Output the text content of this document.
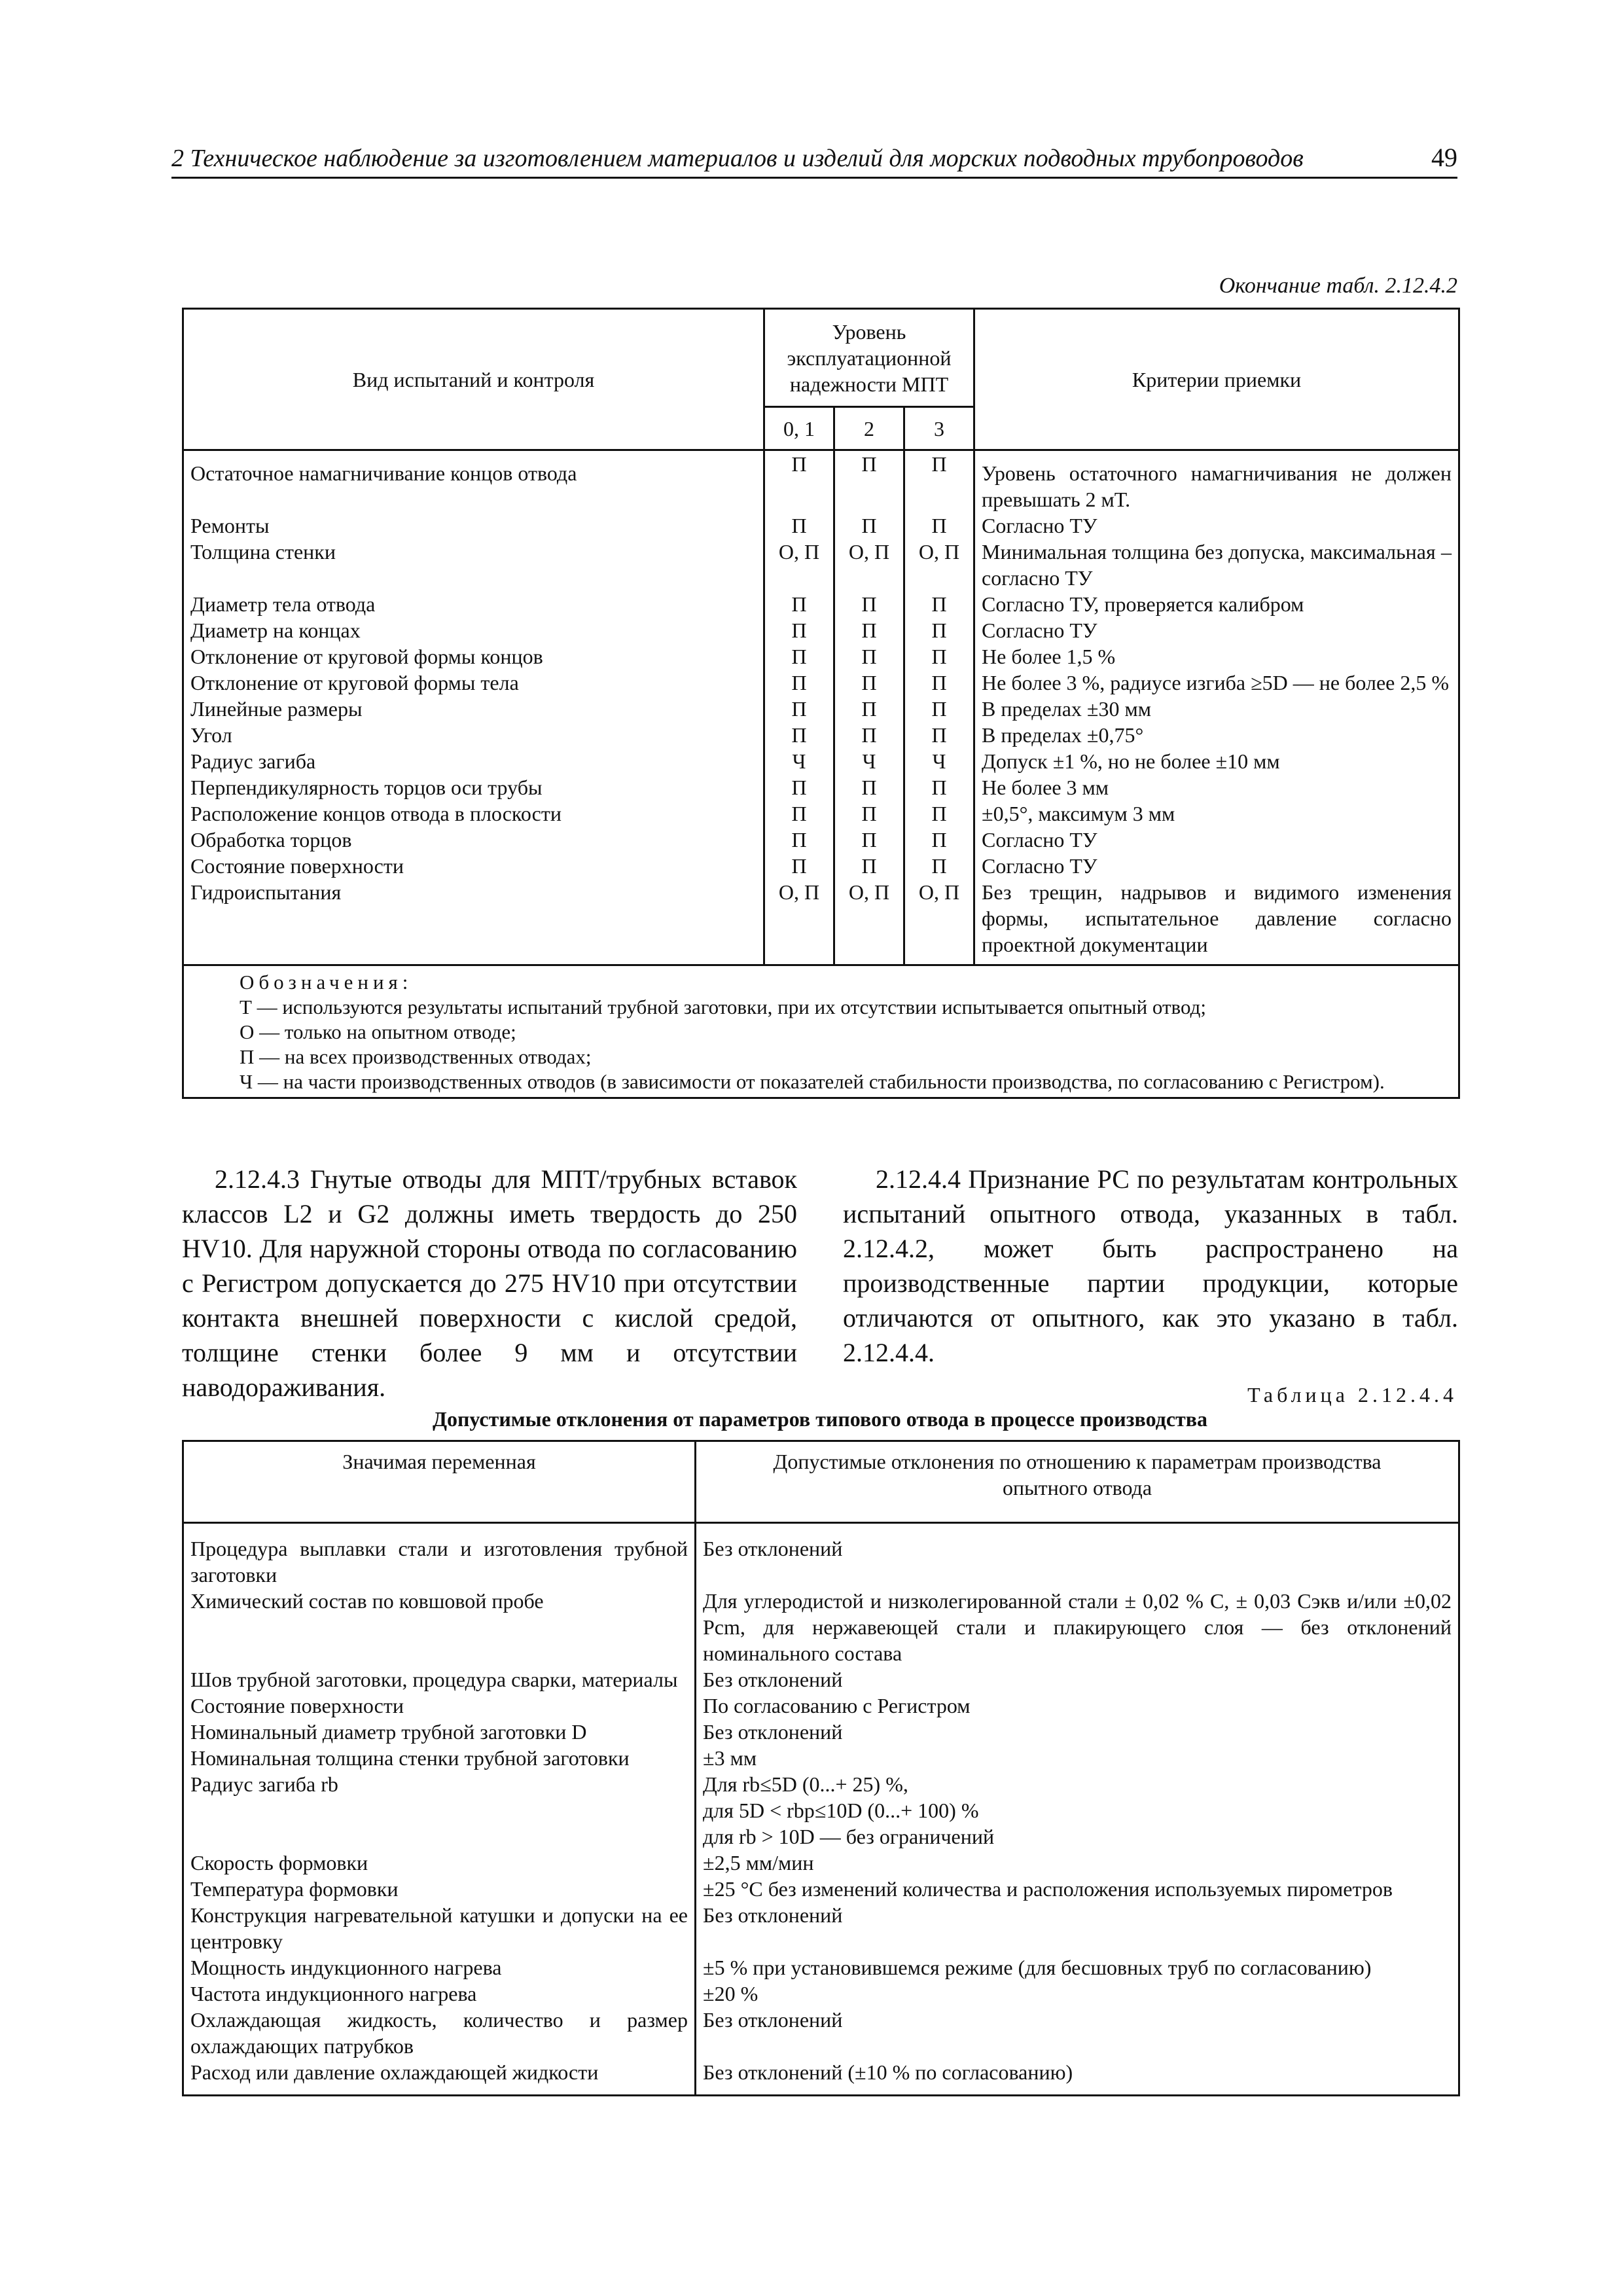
2 Техническое наблюдение за изготовлением материалов и изделий для морских подводных трубопроводов	49
Окончание табл. 2.12.4.2
Вид испытаний и контроля	Уровень эксплуатационной надежности МПТ			Критерии приемки
	0, 1	2	3	
Остаточное намагничивание концов отвода	П	П	П	Уровень остаточного намагничивания не должен превышать 2 мТ.
Ремонты	П	П	П	Согласно ТУ
Толщина стенки	О, П	О, П	О, П	Минимальная толщина без допуска, максимальная – согласно ТУ
Диаметр тела отвода	П	П	П	Согласно ТУ, проверяется калибром
Диаметр на концах	П	П	П	Согласно ТУ
Отклонение от круговой формы концов	П	П	П	Не более 1,5 %
Отклонение от круговой формы тела	П	П	П	Не более 3 %, радиусе изгиба ≥5D — не более 2,5 %
Линейные размеры	П	П	П	В пределах ±30 мм
Угол	П	П	П	В пределах ±0,75°
Радиус загиба	Ч	Ч	Ч	Допуск ±1 %, но не более ±10 мм
Перпендикулярность торцов оси трубы	П	П	П	Не более 3 мм
Расположение концов отвода в плоскости	П	П	П	±0,5°, максимум 3 мм
Обработка торцов	П	П	П	Согласно ТУ
Состояние поверхности	П	П	П	Согласно ТУ
Гидроиспытания	О, П	О, П	О, П	Без трещин, надрывов и видимого изменения формы, испытательное давление согласно проектной документации

Обозначения:
Т — используются результаты испытаний трубной заготовки, при их отсутствии испытывается опытный отвод;
О — только на опытном отводе;
П — на всех производственных отводах;
Ч — на части производственных отводов (в зависимости от показателей стабильности производства, по согласованию с Регистром).				
2.12.4.3 Гнутые отводы для МПТ/трубных вставок классов L2 и G2 должны иметь твердость до 250 HV10. Для наружной стороны отвода по согласованию с Регистром допускается до 275 HV10 при отсутствии контакта внешней поверхности с кислой средой, толщине стенки более 9 мм и отсутствии наводораживания.
2.12.4.4 Признание РС по результатам контрольных испытаний опытного отвода, указанных в табл. 2.12.4.2, может быть распространено на производственные партии продукции, которые отличаются от опытного, как это указано в табл. 2.12.4.4.
Таблица 2.12.4.4
Допустимые отклонения от параметров типового отвода в процессе производства
Значимая переменная	Допустимые отклонения по отношению к параметрам производства опытного отвода
Процедура выплавки стали и изготовления трубной заготовки	Без отклонений

Химический состав по ковшовой пробе	Для углеродистой и низколегированной стали ± 0,02 % C, ± 0,03 Cэкв и/или ±0,02 Pcm, для нержавеющей стали и плакирующего слоя — без отклонений номинального состава

Шов трубной заготовки, процедура сварки, материалы	Без отклонений

Состояние поверхности	По согласованию с Регистром

Номинальный диаметр трубной заготовки D	Без отклонений

Номинальная толщина стенки трубной заготовки	±3 мм

Радиус загиба rb	Для rb≤5D (0...+ 25) %,
для 5D < rbp≤10D (0...+ 100) %
для rb > 10D — без ограничений

Скорость формовки	±2,5 мм/мин

Температура формовки	±25 °С без изменений количества и расположения используемых пирометров

Конструкция нагревательной катушки и допуски на ее центровку	Без отклонений

Мощность индукционного нагрева	±5 % при установившемся режиме (для бесшовных труб по согласованию)

Частота индукционного нагрева	±20 %

Охлаждающая жидкость, количество и размер охлаждающих патрубков	Без отклонений

Расход или давление охлаждающей жидкости	Без отклонений (±10 % по согласованию)
